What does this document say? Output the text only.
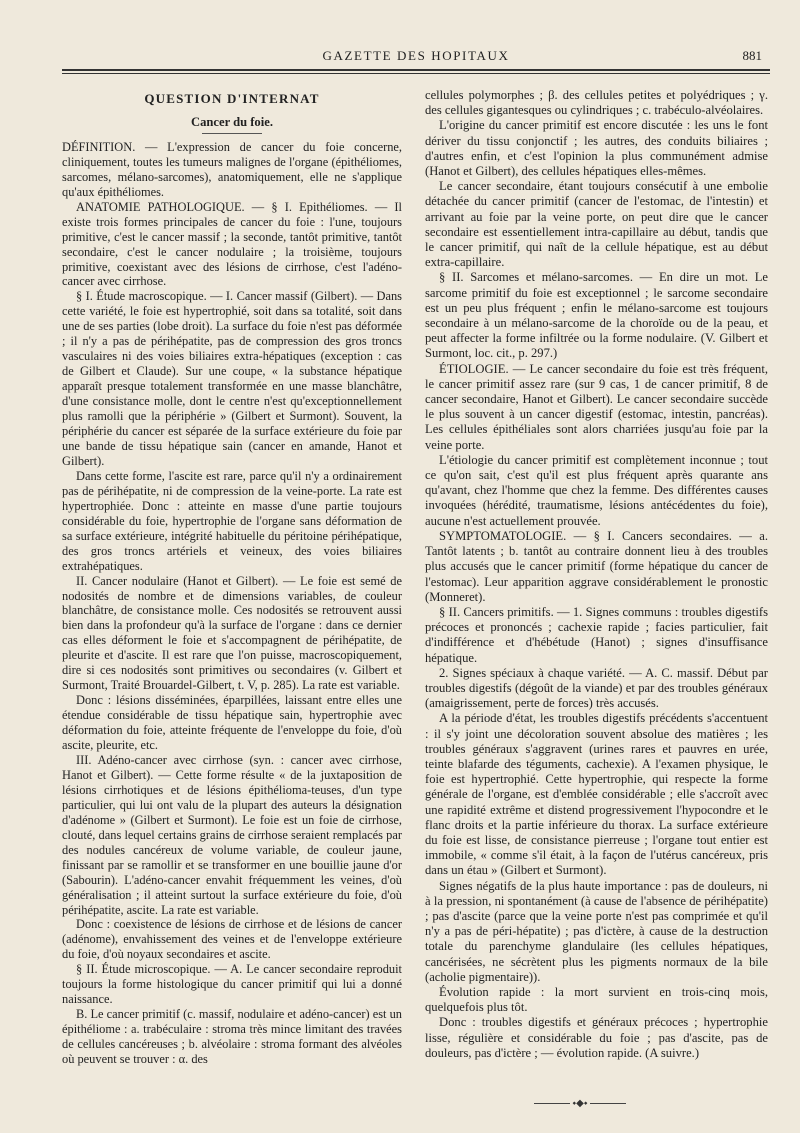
GAZETTE DES HOPITAUX	881
QUESTION D'INTERNAT
Cancer du foie.

DÉFINITION. — L'expression de cancer du foie concerne, cliniquement, toutes les tumeurs malignes de l'organe (épithéliomes, sarcomes, mélano-sarcomes), anatomiquement, elle ne s'applique qu'aux épithéliomes.

ANATOMIE PATHOLOGIQUE. — § I. Epithéliomes. — Il existe trois formes principales de cancer du foie : l'une, toujours primitive, c'est le cancer massif ; la seconde, tantôt primitive, tantôt secondaire, c'est le cancer nodulaire ; la troisième, toujours primitive, coexistant avec des lésions de cirrhose, c'est l'adéno-cancer avec cirrhose.

§ I. Étude macroscopique. — I. Cancer massif (Gilbert). — Dans cette variété, le foie est hypertrophié, soit dans sa totalité, soit dans une de ses parties (lobe droit). La surface du foie n'est pas déformée ; il n'y a pas de périhépatite, pas de compression des gros troncs vasculaires ni des voies biliaires extra-hépatiques (exception : cas de Gilbert et Claude). Sur une coupe, « la substance hépatique apparaît presque totalement transformée en une masse blanchâtre, d'une consistance molle, dont le centre n'est qu'exceptionnellement plus ramolli que la périphérie » (Gilbert et Surmont). Souvent, la périphérie du cancer est séparée de la surface extérieure du foie par une bande de tissu hépatique sain (cancer en amande, Hanot et Gilbert).

Dans cette forme, l'ascite est rare, parce qu'il n'y a ordinairement pas de périhépatite, ni de compression de la veine-porte. La rate est hypertrophiée. Donc : atteinte en masse d'une partie toujours considérable du foie, hypertrophie de l'organe sans déformation de sa surface extérieure, intégrité habituelle du péritoine périhépatique, des gros troncs artériels et veineux, des voies biliaires extrahépatiques.

II. Cancer nodulaire (Hanot et Gilbert). — Le foie est semé de nodosités de nombre et de dimensions variables, de couleur blanchâtre, de consistance molle. Ces nodosités se retrouvent aussi bien dans la profondeur qu'à la surface de l'organe : dans ce dernier cas elles déforment le foie et s'accompagnent de périhépatite, de pleurite et d'ascite. Il est rare que l'on puisse, macroscopiquement, dire si ces nodosités sont primitives ou secondaires (v. Gilbert et Surmont, Traité Brouardel-Gilbert, t. V, p. 285). La rate est variable.

Donc : lésions disséminées, éparpillées, laissant entre elles une étendue considérable de tissu hépatique sain, hypertrophie avec déformation du foie, atteinte fréquente de l'enveloppe du foie, d'où ascite, pleurite, etc.

III. Adéno-cancer avec cirrhose (syn. : cancer avec cirrhose, Hanot et Gilbert). — Cette forme résulte « de la juxtaposition de lésions cirrhotiques et de lésions épithélioma-teuses, d'un type particulier, qui lui ont valu de la plupart des auteurs la désignation d'adénome » (Gilbert et Surmont). Le foie est un foie de cirrhose, clouté, dans lequel certains grains de cirrhose seraient remplacés par des nodules cancéreux de volume variable, de couleur jaune, finissant par se ramollir et se transformer en une bouillie jaune d'or (Sabourin). L'adéno-cancer envahit fréquemment les veines, d'où généralisation ; il atteint surtout la surface extérieure du foie, d'où périhépatite, ascite. La rate est variable.

Donc : coexistence de lésions de cirrhose et de lésions de cancer (adénome), envahissement des veines et de l'enveloppe extérieure du foie, d'où noyaux secondaires et ascite.

§ II. Étude microscopique. — A. Le cancer secondaire reproduit toujours la forme histologique du cancer primitif qui lui a donné naissance.

B. Le cancer primitif (c. massif, nodulaire et adéno-cancer) est un épithéliome : a. trabéculaire : stroma très mince limitant des travées de cellules cancéreuses ; b. alvéolaire : stroma formant des alvéoles où peuvent se trouver : α. des

cellules polymorphes ; β. des cellules petites et polyédriques ; γ. des cellules gigantesques ou cylindriques ; c. trabéculo-alvéolaires.

L'origine du cancer primitif est encore discutée : les uns le font dériver du tissu conjonctif ; les autres, des conduits biliaires ; d'autres enfin, et c'est l'opinion la plus communément admise (Hanot et Gilbert), des cellules hépatiques elles-mêmes.

Le cancer secondaire, étant toujours consécutif à une embolie détachée du cancer primitif (cancer de l'estomac, de l'intestin) et arrivant au foie par la veine porte, on peut dire que le cancer secondaire est essentiellement intra-capillaire au début, tandis que le cancer primitif, qui naît de la cellule hépatique, est au début extra-capillaire.

§ II. Sarcomes et mélano-sarcomes. — En dire un mot. Le sarcome primitif du foie est exceptionnel ; le sarcome secondaire est un peu plus fréquent ; enfin le mélano-sarcome est toujours secondaire à un mélano-sarcome de la choroïde ou de la peau, et peut affecter la forme infiltrée ou la forme nodulaire. (V. Gilbert et Surmont, loc. cit., p. 297.)

ÉTIOLOGIE. — Le cancer secondaire du foie est très fréquent, le cancer primitif assez rare (sur 9 cas, 1 de cancer primitif, 8 de cancer secondaire, Hanot et Gilbert). Le cancer secondaire succède le plus souvent à un cancer digestif (estomac, intestin, pancréas). Les cellules épithéliales sont alors charriées jusqu'au foie par la veine porte.

L'étiologie du cancer primitif est complètement inconnue ; tout ce qu'on sait, c'est qu'il est plus fréquent après quarante ans qu'avant, chez l'homme que chez la femme. Des différentes causes invoquées (hérédité, traumatisme, lésions antécédentes du foie), aucune n'est actuellement prouvée.

SYMPTOMATOLOGIE. — § I. Cancers secondaires. — a. Tantôt latents ; b. tantôt au contraire donnent lieu à des troubles plus accusés que le cancer primitif (forme hépatique du cancer de l'estomac). Leur apparition aggrave considérablement le pronostic (Monneret).

§ II. Cancers primitifs. — 1. Signes communs : troubles digestifs précoces et prononcés ; cachexie rapide ; facies particulier, fait d'indifférence et d'hébétude (Hanot) ; signes d'insuffisance hépatique.

2. Signes spéciaux à chaque variété. — A. C. massif. Début par troubles digestifs (dégoût de la viande) et par des troubles généraux (amaigrissement, perte de forces) très accusés.

A la période d'état, les troubles digestifs précédents s'accentuent : il s'y joint une décoloration souvent absolue des matières ; les troubles généraux s'aggravent (urines rares et pauvres en urée, teinte blafarde des téguments, cachexie). A l'examen physique, le foie est hypertrophié. Cette hypertrophie, qui respecte la forme générale de l'organe, est d'emblée considérable ; elle s'accroît avec une rapidité extrême et distend progressivement l'hypocondre et le flanc droits et la partie inférieure du thorax. La surface extérieure du foie est lisse, de consistance pierreuse ; l'organe tout entier est immobile, « comme s'il était, à la façon de l'utérus cancéreux, pris dans un étau » (Gilbert et Surmont).

Signes négatifs de la plus haute importance : pas de douleurs, ni à la pression, ni spontanément (à cause de l'absence de périhépatite) ; pas d'ascite (parce que la veine porte n'est pas comprimée et qu'il n'y a pas de péri-hépatite) ; pas d'ictère, à cause de la destruction totale du parenchyme glandulaire (les cellules hépatiques, cancérisées, ne sécrètent plus les pigments normaux de la bile (acholie pigmentaire)).

Évolution rapide : la mort survient en trois-cinq mois, quelquefois plus tôt.

Donc : troubles digestifs et généraux précoces ; hypertrophie lisse, régulière et considérable du foie ; pas d'ascite, pas de douleurs, pas d'ictère ; — évolution rapide. (A suivre.)

⬩◆⬩
